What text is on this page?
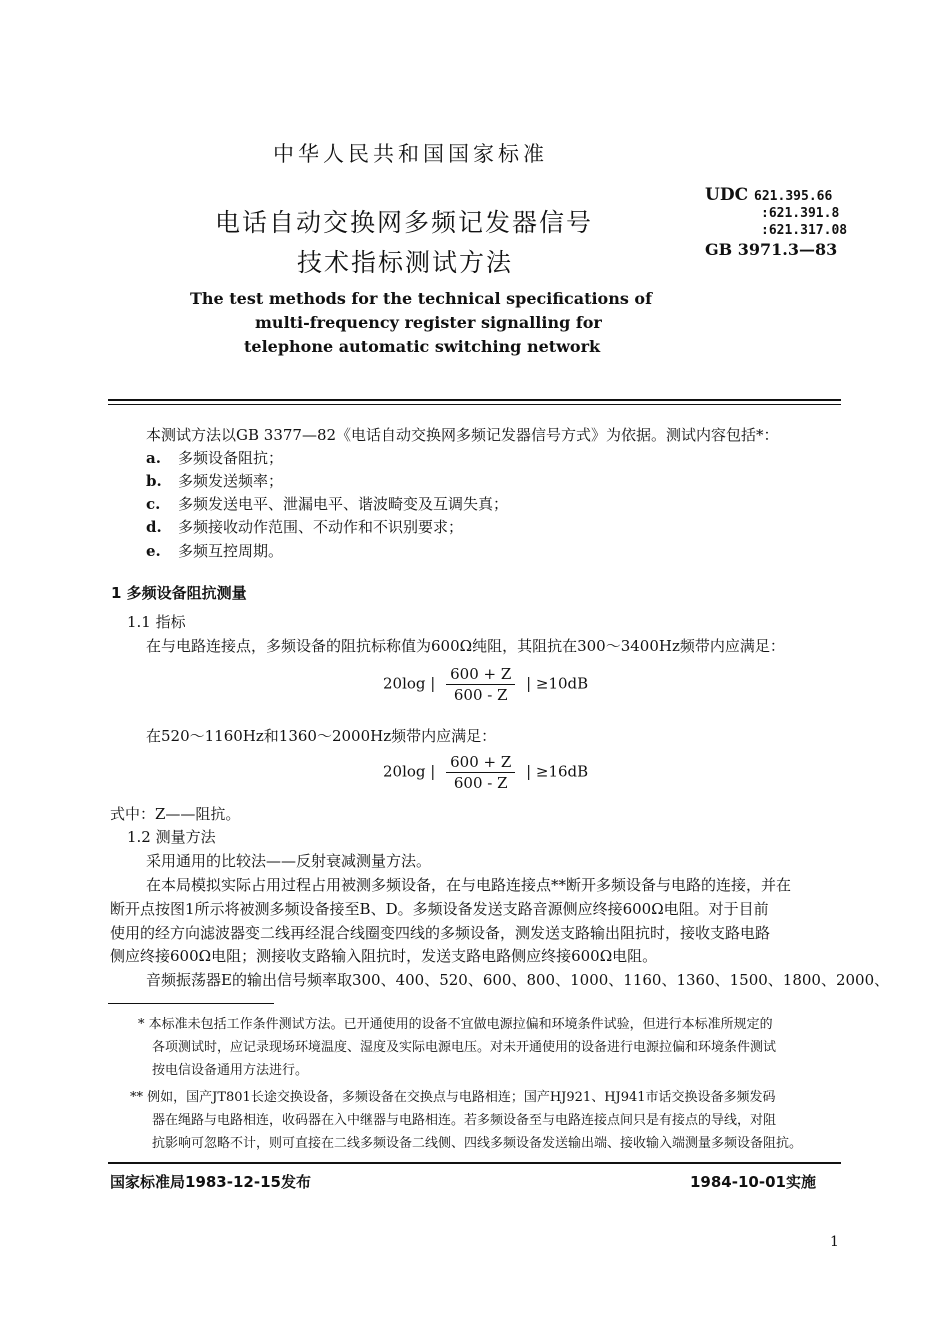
中华人民共和国国家标准
电话自动交换网多频记发器信号
技术指标测试方法
The test methods for the technical specifications of
multi-frequency register signalling for
telephone automatic switching network
UDC 621.395.66
:621.391.8
:621.317.08
GB 3971.3—83
本测试方法以GB 3377—82《电话自动交换网多频记发器信号方式》为依据。测试内容包括*：
a. 多频设备阻抗；
b. 多频发送频率；
c. 多频发送电平、泄漏电平、谐波畸变及互调失真；
d. 多频接收动作范围、不动作和不识别要求；
e. 多频互控周期。
1 多频设备阻抗测量
1.1 指标
在与电路连接点，多频设备的阻抗标称值为600Ω纯阻，其阻抗在300～3400Hz频带内应满足：
20log | $\frac{600 + Z}{600 - Z}$ | ≥10dB
在520～1160Hz和1360～2000Hz频带内应满足：
20log | $\frac{600 + Z}{600 - Z}$ | ≥16dB
式中：Z——阻抗。
1.2 测量方法
采用通用的比较法——反射衰减测量方法。
在本局模拟实际占用过程占用被测多频设备，在与电路连接点**断开多频设备与电路的连接，并在
断开点按图1所示将被测多频设备接至B、D。多频设备发送支路音源侧应终接600Ω电阻。对于目前
使用的经方向滤波器变二线再经混合线圈变四线的多频设备，测发送支路输出阻抗时，接收支路电路
侧应终接600Ω电阻；测接收支路输入阻抗时，发送支路电路侧应终接600Ω电阻。
音频振荡器E的输出信号频率取300、400、520、600、800、1000、1160、1360、1500、1800、2000、
* 本标准未包括工作条件测试方法。已开通使用的设备不宜做电源拉偏和环境条件试验，但进行本标准所规定的
各项测试时，应记录现场环境温度、湿度及实际电源电压。对未开通使用的设备进行电源拉偏和环境条件测试
按电信设备通用方法进行。
** 例如，国产JT801长途交换设备，多频设备在交换点与电路相连；国产HJ921、HJ941市话交换设备多频发码
器在绳路与电路相连，收码器在入中继器与电路相连。若多频设备至与电路连接点间只是有接点的导线，对阻
抗影响可忽略不计，则可直接在二线多频设备二线侧、四线多频设备发送输出端、接收输入端测量多频设备阻抗。
国家标准局1983-12-15发布	1984-10-01实施
1
